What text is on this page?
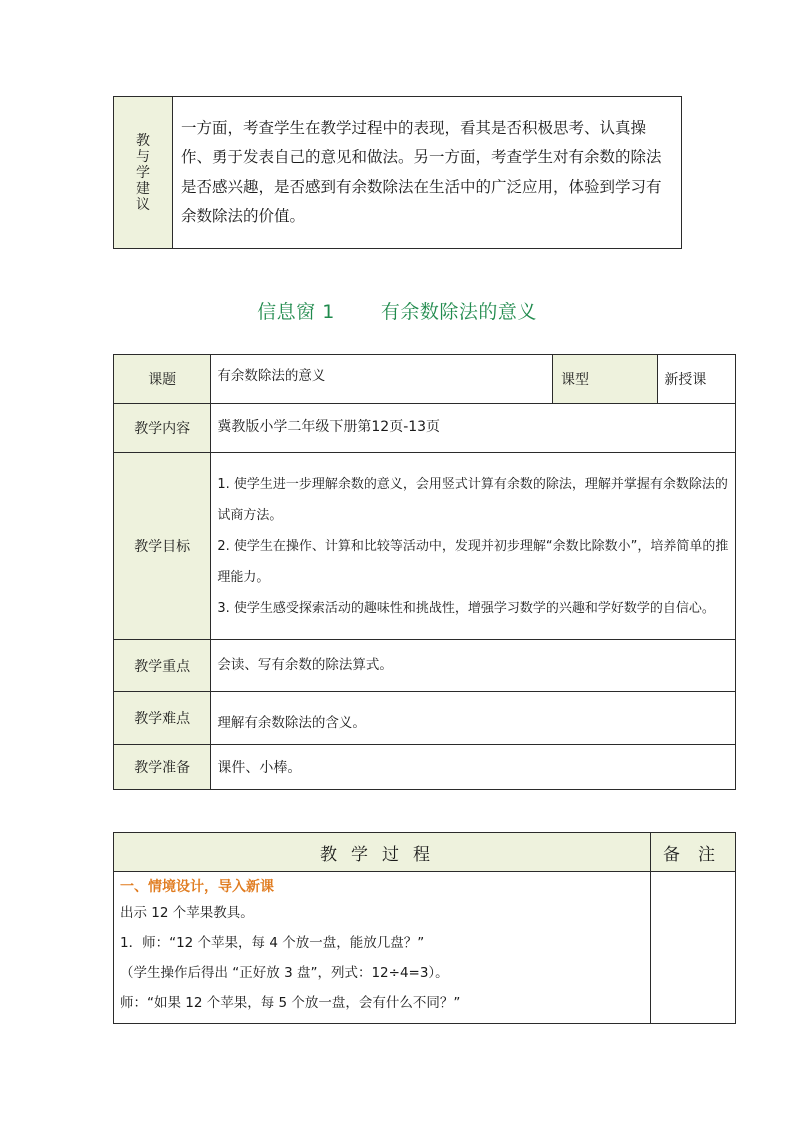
教与学建议	一方面，考查学生在教学过程中的表现，看其是否积极思考、认真操作、勇于发表自己的意见和做法。另一方面，考查学生对有余数的除法是否感兴趣，是否感到有余数除法在生活中的广泛应用，体验到学习有余数除法的价值。
信息窗 1 有余数除法的意义
课题	有余数除法的意义	课型	新授课
教学内容	冀教版小学二年级下册第12页-13页		
教学目标	1. 使学生进一步理解余数的意义，会用竖式计算有余数的除法，理解并掌握有余数除法的试商方法。
2. 使学生在操作、计算和比较等活动中，发现并初步理解“余数比除数小”，培养简单的推理能力。
3. 使学生感受探索活动的趣味性和挑战性，增强学习数学的兴趣和学好数学的自信心。		

教学重点	会读、写有余数的除法算式。		
教学难点	理解有余数除法的含义。		
教学准备	课件、小棒。		
教学过程	备注

一、情境设计，导入新课
出示 12 个苹果教具。
1．师：“12 个苹果，每 4 个放一盘，能放几盘？”
（学生操作后得出 “正好放 3 盘”，列式：12÷4=3）。
师：“如果 12 个苹果，每 5 个放一盘，会有什么不同？”	
